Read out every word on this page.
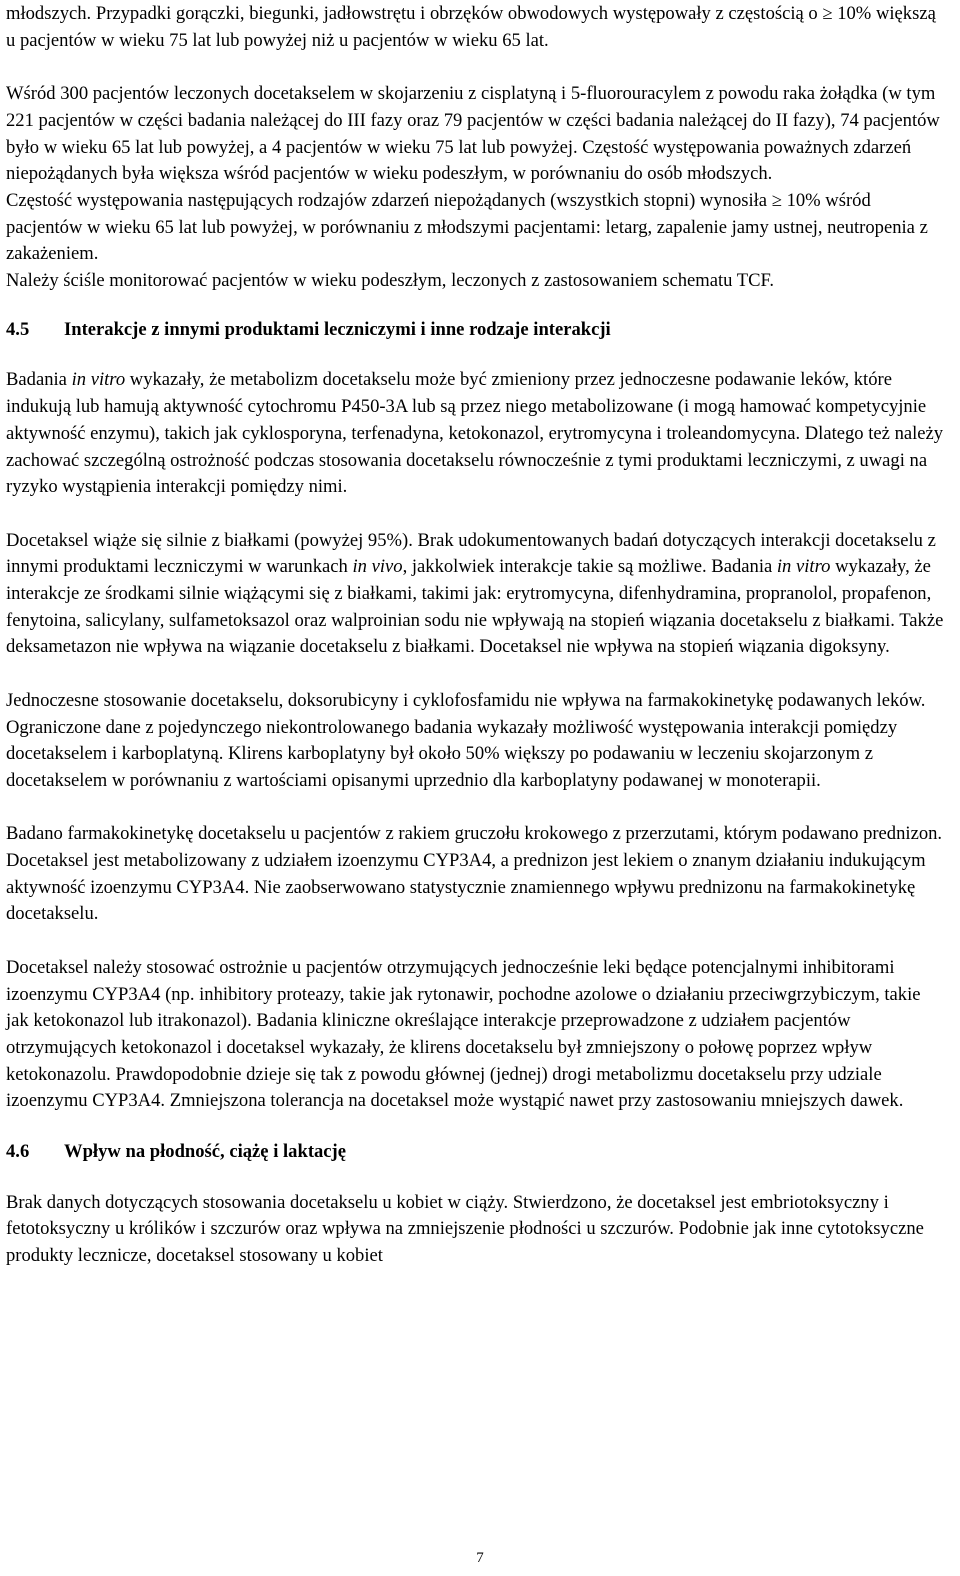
młodszych. Przypadki gorączki, biegunki, jadłowstrętu i obrzęków obwodowych występowały z częstością o ≥ 10% większą u pacjentów w wieku 75 lat lub powyżej niż u pacjentów w wieku 65 lat.

Wśród 300 pacjentów leczonych docetakselem w skojarzeniu z cisplatyną i 5-fluorouracylem z powodu raka żołądka (w tym 221 pacjentów w części badania należącej do III fazy oraz 79 pacjentów w części badania należącej do II fazy), 74 pacjentów było w wieku 65 lat lub powyżej, a 4 pacjentów w wieku 75 lat lub powyżej. Częstość występowania poważnych zdarzeń niepożądanych była większa wśród pacjentów w wieku podeszłym, w porównaniu do osób młodszych.

Częstość występowania następujących rodzajów zdarzeń niepożądanych (wszystkich stopni) wynosiła ≥ 10% wśród pacjentów w wieku 65 lat lub powyżej, w porównaniu z młodszymi pacjentami: letarg, zapalenie jamy ustnej, neutropenia z zakażeniem.

Należy ściśle monitorować pacjentów w wieku podeszłym, leczonych z zastosowaniem schematu TCF.

4.5	Interakcje z innymi produktami leczniczymi i inne rodzaje interakcji

Badania in vitro wykazały, że metabolizm docetakselu może być zmieniony przez jednoczesne podawanie leków, które indukują lub hamują aktywność cytochromu P450-3A lub są przez niego metabolizowane (i mogą hamować kompetycyjnie aktywność enzymu), takich jak cyklosporyna, terfenadyna, ketokonazol, erytromycyna i troleandomycyna. Dlatego też należy zachować szczególną ostrożność podczas stosowania docetakselu równocześnie z tymi produktami leczniczymi, z uwagi na ryzyko wystąpienia interakcji pomiędzy nimi.

Docetaksel wiąże się silnie z białkami (powyżej 95%). Brak udokumentowanych badań dotyczących interakcji docetakselu z innymi produktami leczniczymi w warunkach in vivo, jakkolwiek interakcje takie są możliwe. Badania in vitro wykazały, że interakcje ze środkami silnie wiążącymi się z białkami, takimi jak: erytromycyna, difenhydramina, propranolol, propafenon, fenytoina, salicylany, sulfametoksazol oraz walproinian sodu nie wpływają na stopień wiązania docetakselu z białkami. Także deksametazon nie wpływa na wiązanie docetakselu z białkami. Docetaksel nie wpływa na stopień wiązania digoksyny.

Jednoczesne stosowanie docetakselu, doksorubicyny i cyklofosfamidu nie wpływa na farmakokinetykę podawanych leków. Ograniczone dane z pojedynczego niekontrolowanego badania wykazały możliwość występowania interakcji pomiędzy docetakselem i karboplatyną. Klirens karboplatyny był około 50% większy po podawaniu w leczeniu skojarzonym z docetakselem w porównaniu z wartościami opisanymi uprzednio dla karboplatyny podawanej w monoterapii.

Badano farmakokinetykę docetakselu u pacjentów z rakiem gruczołu krokowego z przerzutami, którym podawano prednizon. Docetaksel jest metabolizowany z udziałem izoenzymu CYP3A4, a prednizon jest lekiem o znanym działaniu indukującym aktywność izoenzymu CYP3A4. Nie zaobserwowano statystycznie znamiennego wpływu prednizonu na farmakokinetykę docetakselu.

Docetaksel należy stosować ostrożnie u pacjentów otrzymujących jednocześnie leki będące potencjalnymi inhibitorami izoenzymu CYP3A4 (np. inhibitory proteazy, takie jak rytonawir, pochodne azolowe o działaniu przeciwgrzybiczym, takie jak ketokonazol lub itrakonazol). Badania kliniczne określające interakcje przeprowadzone z udziałem pacjentów otrzymujących ketokonazol i docetaksel wykazały, że klirens docetakselu był zmniejszony o połowę poprzez wpływ ketokonazolu. Prawdopodobnie dzieje się tak z powodu głównej (jednej) drogi metabolizmu docetakselu przy udziale izoenzymu CYP3A4. Zmniejszona tolerancja na docetaksel może wystąpić nawet przy zastosowaniu mniejszych dawek.

4.6	Wpływ na płodność, ciążę i laktację

Brak danych dotyczących stosowania docetakselu u kobiet w ciąży. Stwierdzono, że docetaksel jest embriotoksyczny i fetotoksyczny u królików i szczurów oraz wpływa na zmniejszenie płodności u szczurów. Podobnie jak inne cytotoksyczne produkty lecznicze, docetaksel stosowany u kobiet

7
